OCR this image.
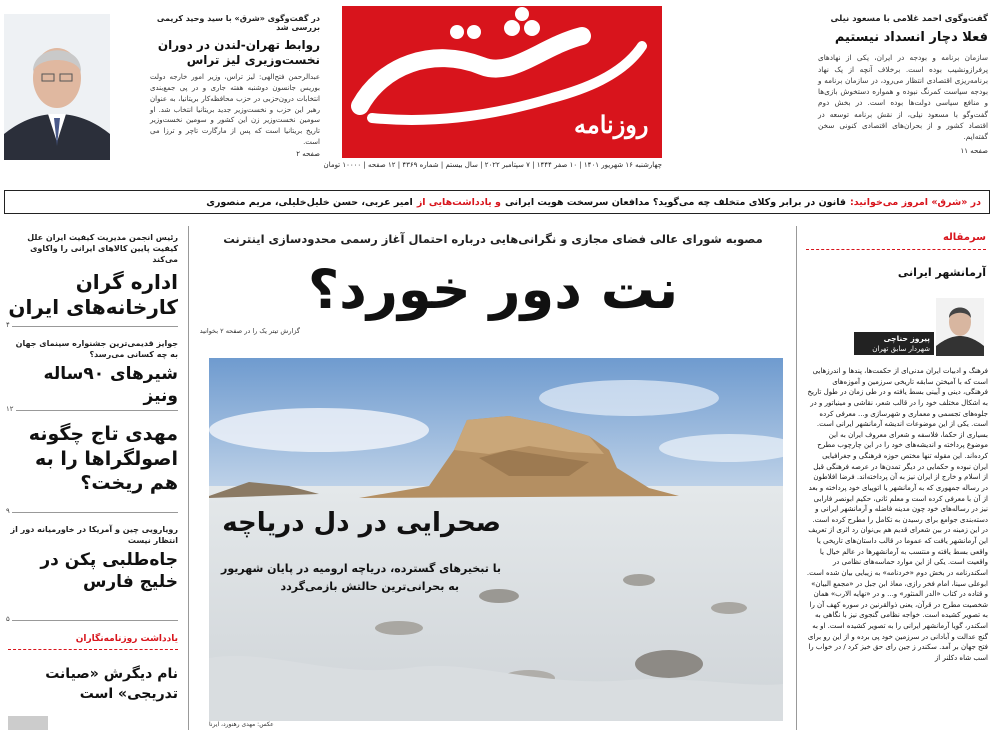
روزنامه
چهارشنبه ۱۶ شهریور ۱۴۰۱ | ۱۰ صفر ۱۴۴۴ | ۷ سپتامبر ۲۰۲۲ | سال بیستم | شماره ۴۳۶۹ | ۱۲ صفحه | ۱۰۰۰۰ تومان
گفت‌وگوی احمد غلامی با مسعود نیلی
فعلا دچار انسداد نیستیم
سازمان برنامه و بودجه در ایران، یکی از نهادهای پرفرازونشیب بوده است. برخلاف آنچه از یک نهاد برنامه‌ریزی اقتصادی انتظار می‌رود، در سازمان برنامه و بودجه سیاست کمرنگ نبوده و همواره دستخوش بازی‌ها و منافع سیاسی دولت‌ها بوده است. در بخش دوم گفت‌وگو با مسعود نیلی، از نقش برنامه توسعه در اقتصاد کشور و از بحران‌های اقتصادی کنونی سخن گفته‌ایم.
صفحه ۱۱
در گفت‌وگوی «شرق» با سید وحید کریمی بررسی شد
روابط تهران-لندن در دوران نخست‌وزیری لیز تراس
عبدالرحمن فتح‌الهی: لیز تراس، وزیر امور خارجه دولت بوریس جانسون دوشنبه هفته جاری و در پی جمع‌بندی انتخابات درون‌حزبی در حزب محافظه‌کار بریتانیا، به عنوان رهبر این حزب و نخست‌وزیر جدید بریتانیا انتخاب شد. او سومین نخست‌وزیر زن این کشور و سومین نخست‌وزیر تاریخ بریتانیا است که پس از مارگارت تاچر و ترزا می است.
صفحه ۲
در «شرق» امروز می‌خوانید:
قانون در برابر وکلای متخلف چه می‌گوید؟ مدافعان سرسخت هویت ایرانی
و یادداشت‌هایی از
امیر عربی، حسن خلیل‌خلیلی، مریم منصوری
مصوبه شورای عالی فضای مجازی و نگرانی‌هایی درباره احتمال آغاز رسمی محدودسازی اینترنت
نت دور خورد؟
گزارش تیتر یک را در صفحه ۲ بخوانید
صحرایی در دل دریاچه
با تبخیرهای گسترده، دریاچه ارومیه در پایان شهریور
به بحرانی‌ترین حالتش بازمی‌گردد
عکس: مهدی رهنورد، ایرنا
سرمقاله
آرمانشهر ایرانی
پیروز حناچی
شهردار سابق تهران
فرهنگ و ادبیات ایران مدنی‌ای از حکمت‌ها، پندها و اندرزهایی است که با آمیختن سابقه تاریخی سرزمین و آموزه‌های فرهنگی، دینی و آیینی بسط یافته و در طی زمان در طول تاریخ به اشکال مختلف خود را در قالب شعر، نقاشی و مینیاتور و در جلوه‌های تجسمی و معماری و شهرسازی و... معرفی کرده است. یکی از این موضوعات اندیشه آرمانشهر ایرانی است. بسیاری از حکما، فلاسفه و شعرای معروف ایران به این موضوع پرداخته و اندیشه‌های خود را در این چارچوب مطرح کرده‌اند. این مقوله تنها مختص حوزه فرهنگی و جغرافیایی ایران نبوده و حکمایی در دیگر تمدن‌ها در عرصه فرهنگی قبل از اسلام و خارج از ایران نیز به آن پرداخته‌اند. فرضا افلاطون در رساله جمهوری که به آرمانشهر یا اتوپیای خود پرداخته و بعد از آن با معرفی کرده است و معلم ثانی، حکیم ابونصر فارابی نیز در رساله‌های خود چون مدینه فاضله و آرمانشهر ایرانی و دسته‌بندی جوامع برای رسیدن به تکامل را مطرح کرده است. در این زمینه در بین شعرای قدیم هم بی‌نوان رد اثری از تعریف این آرمانشهر یافت که عموما در قالب داستان‌های تاریخی یا واقعی بسط یافته و منتسب به آرمانشهرها در عالم خیال یا واقعیت است. یکی از این موارد حماسه‌های نظامی در اسکندرنامه در بخش دوم «خردنامه» به زیبایی بیان شده است. ابوعلی سینا، امام فخر رازی، معاذ ابن جبل در «مجمع البیان» و قتاده در کتاب «الدر المنثور» و... و در «نهایه الارب» همان شخصیت مطرح در قرآن، یعنی ذوالقرنین در سوره کهف آن را به تصویر کشیده است. خواجه نظامی گنجوی نیز با نگاهی به اسکندر، گویا آرمانشهر ایرانی را به تصویر کشیده است. او به گنج عدالت و آبادانی در سرزمین خود پی برده و از این رو برای فتح جهان بر آمد. سکندر ز جین رای حق خیز کرد / در خواب را اسب شاه دکلنر از
رئیس انجمن مدیریت کیفیت ایران علل کیفیت پایین کالاهای ایرانی را واکاوی می‌کند
اداره گران کارخانه‌های ایران
۴
جوایز قدیمی‌ترین جشنواره سینمای جهان به چه کسانی می‌رسد؟
شیرهای ۹۰ساله ونیز
۱۲
مهدی تاج چگونه اصولگراها را به هم ریخت؟
۹
رویارویی چین و آمریکا در خاورمیانه دور از انتظار نیست
جاه‌طلبی پکن در خلیج فارس
۵
یادداشت روزنامه‌نگاران
نام دیگرش «صیانت تدریجی» است
